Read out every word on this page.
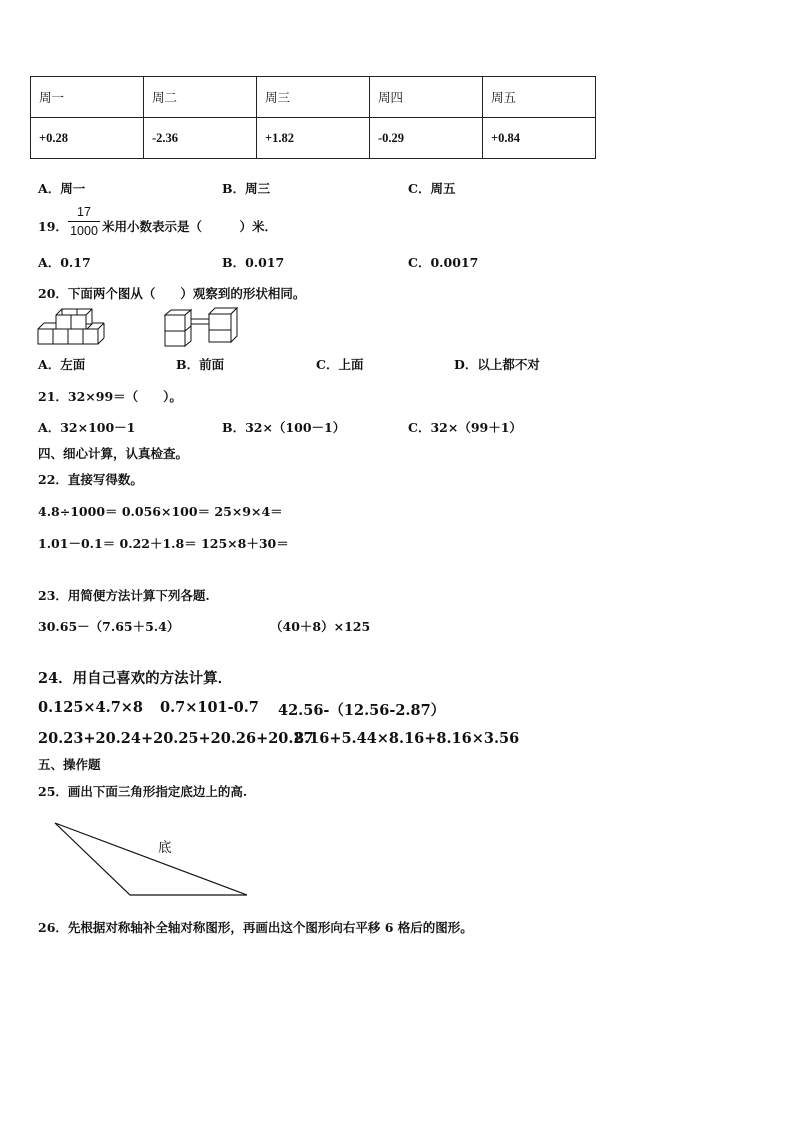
周一	周二	周三	周四	周五
+0.28	-2.36	+1.82	-0.29	+0.84
A．周一	B．周三	C．周五
19． $\frac{17}{1000}$ 米用小数表示是（　　　）米．
A．0.17	B．0.017	C．0.0017
20．下面两个图从（　　）观察到的形状相同。
A．左面	B．前面	C．上面	D．以上都不对
21．32×99＝（　　）。
A．32×100－1	B．32×（100－1）	C．32×（99＋1）
四、细心计算，认真检查。
22．直接写得数。
4.8÷1000＝ 0.056×100＝ 25×9×4＝
1.01－0.1＝ 0.22＋1.8＝ 125×8＋30＝
23．用简便方法计算下列各题.
30.65－（7.65＋5.4）	（40＋8）×125
24．用自己喜欢的方法计算．
0.125×4.7×8 0.7×101-0.7 42.56-（12.56-2.87）
20.23+20.24+20.25+20.26+20.27
8.16+5.44×8.16+8.16×3.56
五、操作题
25．画出下面三角形指定底边上的高.
底
26．先根据对称轴补全轴对称图形，再画出这个图形向右平移 6 格后的图形。
